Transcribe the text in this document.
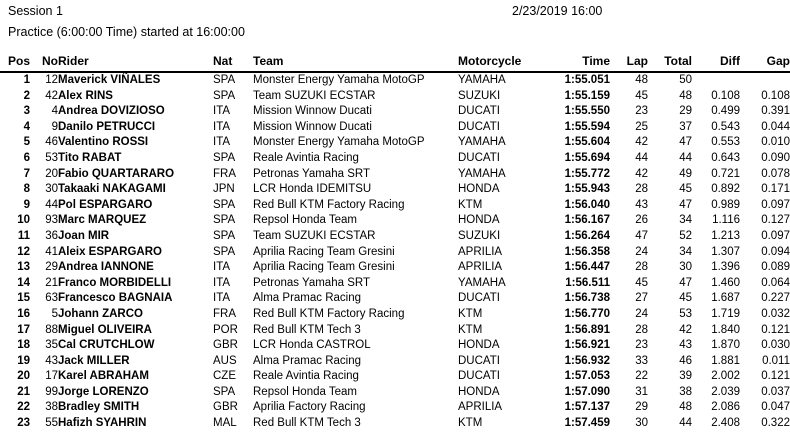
Session 1	2/23/2019 16:00
Practice (6:00:00 Time) started at 16:00:00
Pos	No	Rider	Nat	Team	Motorcycle	Time	Lap	Total	Diff	Gap
1	12	Maverick VIÑALES	SPA	Monster Energy Yamaha MotoGP	YAMAHA	1:55.051	48	50		
2	42	Alex RINS	SPA	Team SUZUKI ECSTAR	SUZUKI	1:55.159	45	48	0.108	0.108
3	4	Andrea DOVIZIOSO	ITA	Mission Winnow Ducati	DUCATI	1:55.550	23	29	0.499	0.391
4	9	Danilo PETRUCCI	ITA	Mission Winnow Ducati	DUCATI	1:55.594	25	37	0.543	0.044
5	46	Valentino ROSSI	ITA	Monster Energy Yamaha MotoGP	YAMAHA	1:55.604	42	47	0.553	0.010
6	53	Tito RABAT	SPA	Reale Avintia Racing	DUCATI	1:55.694	44	44	0.643	0.090
7	20	Fabio QUARTARARO	FRA	Petronas Yamaha SRT	YAMAHA	1:55.772	42	49	0.721	0.078
8	30	Takaaki NAKAGAMI	JPN	LCR Honda IDEMITSU	HONDA	1:55.943	28	45	0.892	0.171
9	44	Pol ESPARGARO	SPA	Red Bull KTM Factory Racing	KTM	1:56.040	43	47	0.989	0.097
10	93	Marc MARQUEZ	SPA	Repsol Honda Team	HONDA	1:56.167	26	34	1.116	0.127
11	36	Joan MIR	SPA	Team SUZUKI ECSTAR	SUZUKI	1:56.264	47	52	1.213	0.097
12	41	Aleix ESPARGARO	SPA	Aprilia Racing Team Gresini	APRILIA	1:56.358	24	34	1.307	0.094
13	29	Andrea IANNONE	ITA	Aprilia Racing Team Gresini	APRILIA	1:56.447	28	30	1.396	0.089
14	21	Franco MORBIDELLI	ITA	Petronas Yamaha SRT	YAMAHA	1:56.511	45	47	1.460	0.064
15	63	Francesco BAGNAIA	ITA	Alma Pramac Racing	DUCATI	1:56.738	27	45	1.687	0.227
16	5	Johann ZARCO	FRA	Red Bull KTM Factory Racing	KTM	1:56.770	24	53	1.719	0.032
17	88	Miguel OLIVEIRA	POR	Red Bull KTM Tech 3	KTM	1:56.891	28	42	1.840	0.121
18	35	Cal CRUTCHLOW	GBR	LCR Honda CASTROL	HONDA	1:56.921	23	43	1.870	0.030
19	43	Jack MILLER	AUS	Alma Pramac Racing	DUCATI	1:56.932	33	46	1.881	0.011
20	17	Karel ABRAHAM	CZE	Reale Avintia Racing	DUCATI	1:57.053	22	39	2.002	0.121
21	99	Jorge LORENZO	SPA	Repsol Honda Team	HONDA	1:57.090	31	38	2.039	0.037
22	38	Bradley SMITH	GBR	Aprilia Factory Racing	APRILIA	1:57.137	29	48	2.086	0.047
23	55	Hafizh SYAHRIN	MAL	Red Bull KTM Tech 3	KTM	1:57.459	30	44	2.408	0.322
